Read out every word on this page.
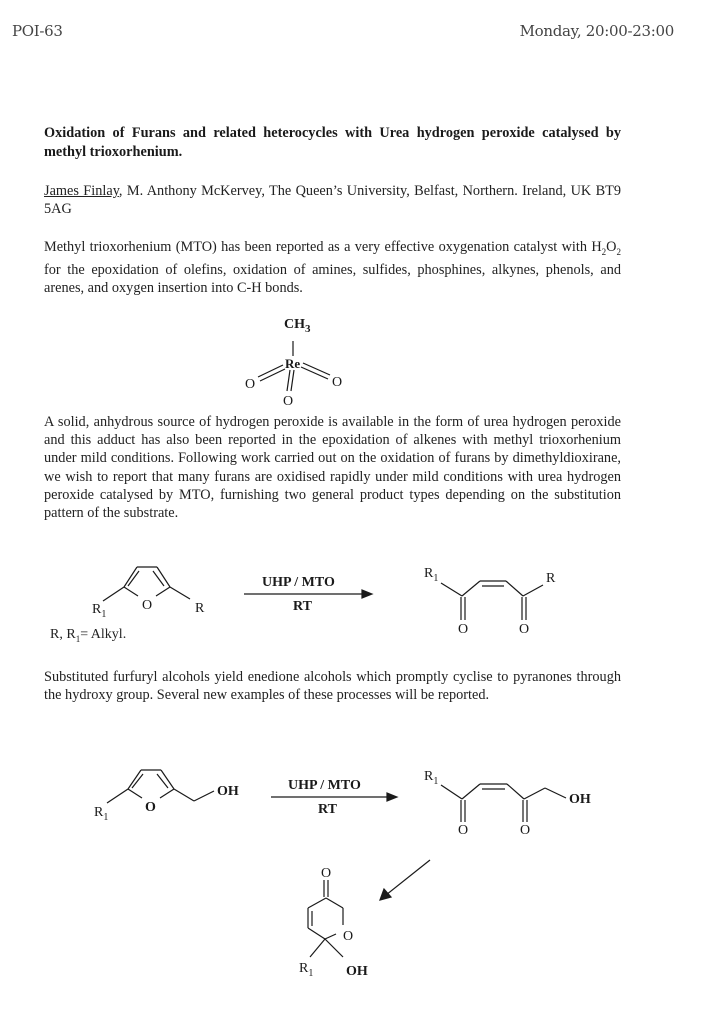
POI-63	Monday, 20:00-23:00
Oxidation of Furans and related heterocycles with Urea hydrogen peroxide catalysed by methyl trioxorhenium.
James Finlay, M. Anthony McKervey, The Queen’s University, Belfast, Northern. Ireland, UK BT9 5AG
Methyl trioxorhenium (MTO) has been reported as a very effective oxygenation catalyst with $H_2O_2$ for the epoxidation of olefins, oxidation of amines, sulfides, phosphines, alkynes, phenols, and arenes, and oxygen insertion into C-H bonds.
A solid, anhydrous source of hydrogen peroxide is available in the form of urea hydrogen peroxide and this adduct has also been reported in the epoxidation of alkenes with methyl trioxorhenium under mild conditions. Following work carried out on the oxidation of furans by dimethyldioxirane, we wish to report that many furans are oxidised rapidly under mild conditions with urea hydrogen peroxide catalysed by MTO, furnishing two general product types depending on the substitution pattern of the substrate.
R, $R_1=$ Alkyl.
Substituted furfuryl alcohols yield enedione alcohols which promptly cyclise to pyranones through the hydroxy group. Several new examples of these processes will be reported.
$CH_3$
Re
O	O
O
$R_1$
O	R
UHP / MTO
RT
$R_1$	R
O	O
$R_1$
O
OH	UHP / MTO
RT
$R_1$
OH
O	O
O
O
$R_1$ OH
